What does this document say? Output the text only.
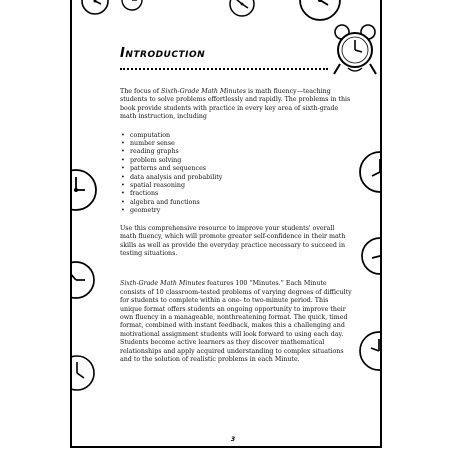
Introduction

The focus of Sixth-Grade Math Minutes is math fluency—teaching students to solve problems effortlessly and rapidly. The problems in this book provide students with practice in every key area of sixth-grade math instruction, including

• computation
• number sense
• reading graphs
• problem solving
• patterns and sequences
• data analysis and probability
• spatial reasoning
• fractions
• algebra and functions
• geometry

Use this comprehensive resource to improve your students' overall math fluency, which will promote greater self-confidence in their math skills as well as provide the everyday practice necessary to succeed in testing situations.

Sixth-Grade Math Minutes features 100 “Minutes.” Each Minute consists of 10 classroom-tested problems of varying degrees of difficulty for students to complete within a one- to two-minute period. This unique format offers students an ongoing opportunity to improve their own fluency in a manageable, nonthreatening format. The quick, timed format, combined with instant feedback, makes this a challenging and motivational assignment students will look forward to using each day. Students become active learners as they discover mathematical relationships and apply acquired understanding to complex situations and to the solution of realistic problems in each Minute.

3
